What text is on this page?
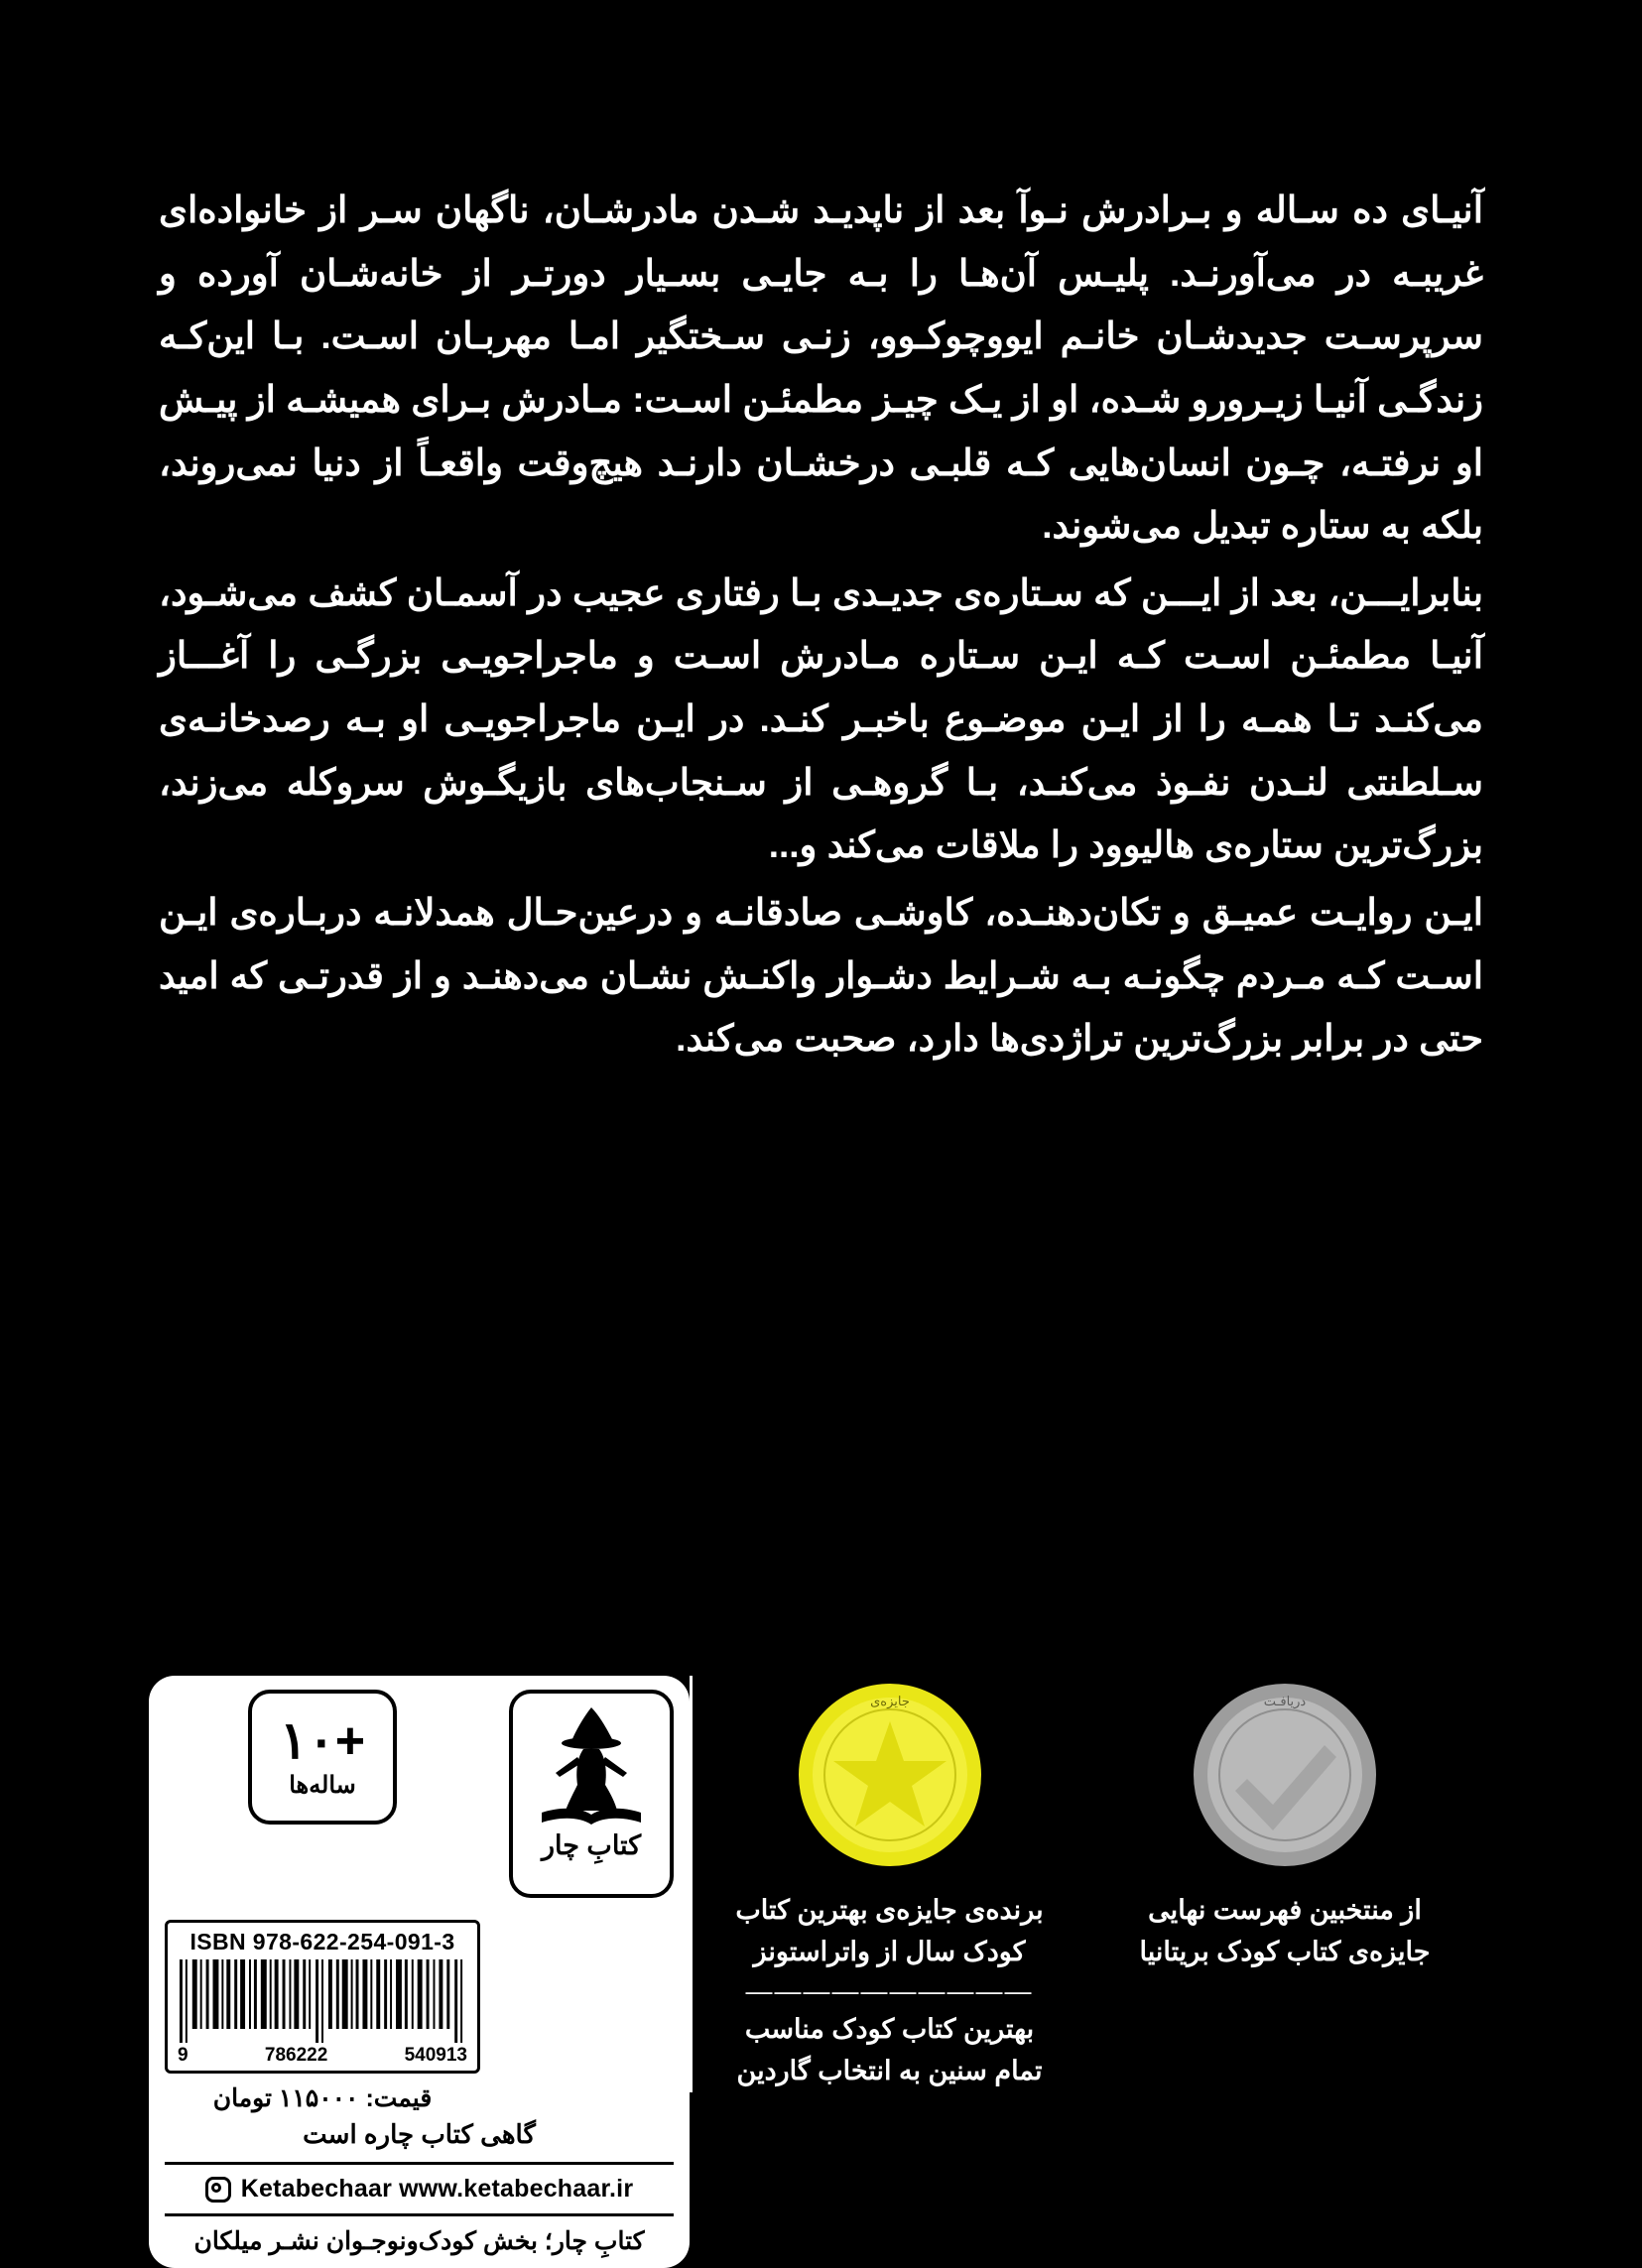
آنیـای ده سـاله و بـرادرش نـوآ بعد از ناپدیـد شـدن مادرشـان، ناگهان سـر از خانواده‌ای غریبـه در می‌آورنـد. پلیـس آن‌هـا را بـه جایـی بسـیار دورتـر از خانه‌شـان آورده و سرپرسـت جدیدشـان خانـم ایووچوکـوو، زنـی سـختگیر امـا مهربـان اسـت. بـا این‌کـه زندگـی آنیـا زیـرورو شـده، او از یـک چیـز مطمئـن اسـت: مـادرش بـرای همیشـه از پیـش او نرفتـه، چـون انسان‌هایی کـه قلبـی درخشـان دارنـد هیچ‌وقت واقعـاً از دنیا نمی‌روند، بلکه به ستاره تبدیل می‌شوند.

بنابرایـــن، بعد از ایـــن که سـتاره‌ی جدیـدی بـا رفتاری عجیب در آسمـان کشف می‌شـود، آنیـا مطمئـن اسـت کـه ایـن سـتاره مـادرش اسـت و ماجراجویـی بزرگـی را آغـــاز می‌کنـد تـا همـه را از ایـن موضـوع باخبـر کنـد. در ایـن ماجراجویـی او بـه رصدخانـه‌ی سـلطنتی لنـدن نفـوذ می‌کنـد، بـا گروهـی از سـنجاب‌های بازیگـوش سروکله می‌زند، بزرگ‌ترین ستاره‌ی هالیوود را ملاقات می‌کند و...

ایـن روایـت عمیـق و تکان‌دهنـده، کاوشـی صادقانـه و درعین‌حـال همدلانـه دربـاره‌ی ایـن اسـت کـه مـردم چگونـه بـه شـرایط دشـوار واکنـش نشـان می‌دهنـد و از قدرتـی که امید حتی در برابر بزرگ‌ترین تراژدی‌ها دارد، صحبت می‌کند.

کتابِ چار
+۱۰
ساله‌ها
ISBN 978-622-254-091-3
9	786222	540913
قیمت: ۱۱۵۰۰۰ تومان
گاهی کتاب چاره است
Ketabechaar www.ketabechaar.ir
کتابِ چار؛ بخش کودک‌ونوجـوان نشـر میلکان
جایزه‌ی
برنده‌ی جایزه‌ی بهترین کتاب
کودک سال از واتراستونز
——————————
بهترین کتاب کودک مناسب
تمام سنین به انتخاب گاردین
دریافـت
از منتخبین فهرست نهایی
جایزه‌ی کتاب کودک بریتانیا
